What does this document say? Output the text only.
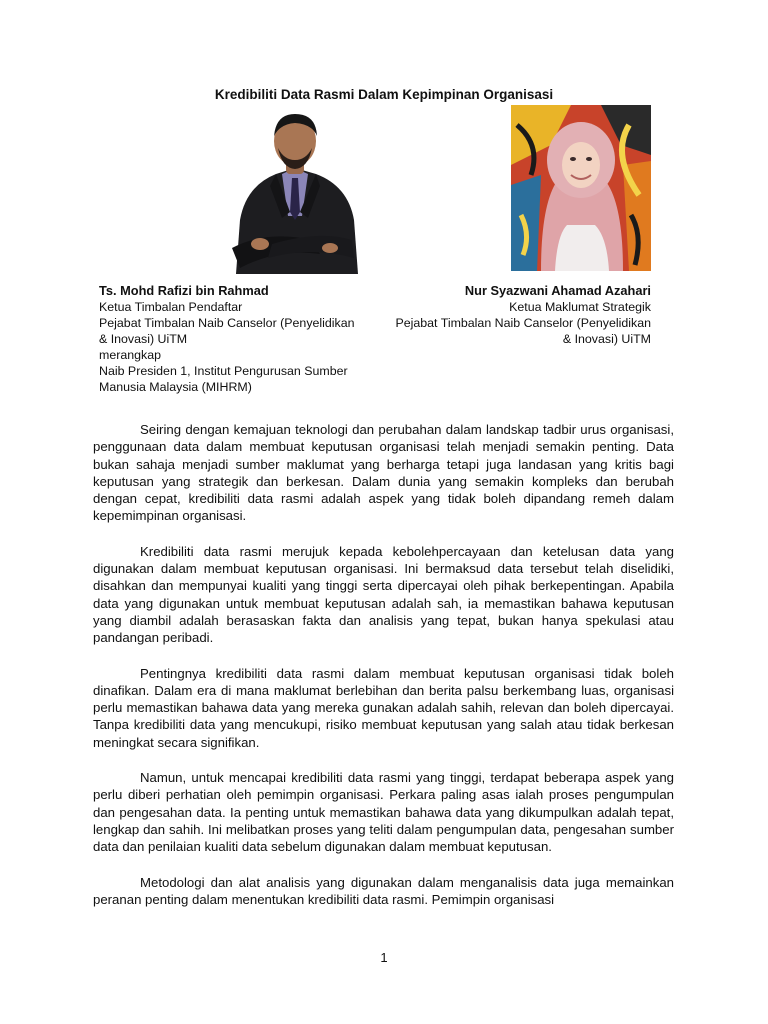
Kredibiliti Data Rasmi Dalam Kepimpinan Organisasi
Ts. Mohd Rafizi bin Rahmad
Ketua Timbalan Pendaftar
Pejabat Timbalan Naib Canselor (Penyelidikan
& Inovasi) UiTM
merangkap
Naib Presiden 1, Institut Pengurusan Sumber
Manusia Malaysia (MIHRM)
Nur Syazwani Ahamad Azahari
Ketua Maklumat Strategik
Pejabat Timbalan Naib Canselor (Penyelidikan
& Inovasi) UiTM

Seiring dengan kemajuan teknologi dan perubahan dalam landskap tadbir urus organisasi, penggunaan data dalam membuat keputusan organisasi telah menjadi semakin penting. Data bukan sahaja menjadi sumber maklumat yang berharga tetapi juga landasan yang kritis bagi keputusan yang strategik dan berkesan. Dalam dunia yang semakin kompleks dan berubah dengan cepat, kredibiliti data rasmi adalah aspek yang tidak boleh dipandang remeh dalam kepemimpinan organisasi.

Kredibiliti data rasmi merujuk kepada kebolehpercayaan dan ketelusan data yang digunakan dalam membuat keputusan organisasi. Ini bermaksud data tersebut telah diselidiki, disahkan dan mempunyai kualiti yang tinggi serta dipercayai oleh pihak berkepentingan. Apabila data yang digunakan untuk membuat keputusan adalah sah, ia memastikan bahawa keputusan yang diambil adalah berasaskan fakta dan analisis yang tepat, bukan hanya spekulasi atau pandangan peribadi.

Pentingnya kredibiliti data rasmi dalam membuat keputusan organisasi tidak boleh dinafikan. Dalam era di mana maklumat berlebihan dan berita palsu berkembang luas, organisasi perlu memastikan bahawa data yang mereka gunakan adalah sahih, relevan dan boleh dipercayai. Tanpa kredibiliti data yang mencukupi, risiko membuat keputusan yang salah atau tidak berkesan meningkat secara signifikan.

Namun, untuk mencapai kredibiliti data rasmi yang tinggi, terdapat beberapa aspek yang perlu diberi perhatian oleh pemimpin organisasi. Perkara paling asas ialah proses pengumpulan dan pengesahan data. Ia penting untuk memastikan bahawa data yang dikumpulkan adalah tepat, lengkap dan sahih. Ini melibatkan proses yang teliti dalam pengumpulan data, pengesahan sumber data dan penilaian kualiti data sebelum digunakan dalam membuat keputusan.

Metodologi dan alat analisis yang digunakan dalam menganalisis data juga memainkan peranan penting dalam menentukan kredibiliti data rasmi. Pemimpin organisasi

1
